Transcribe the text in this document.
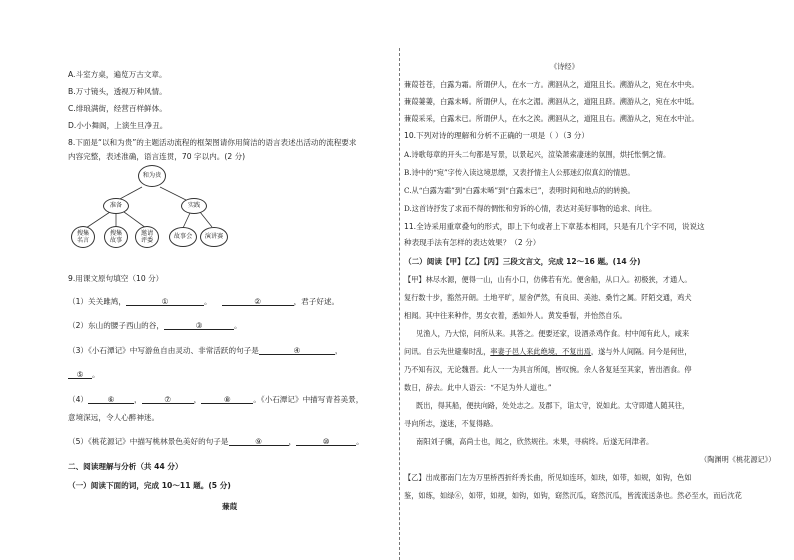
A.斗室方桌，遍览万古文章。
B.万寸镜头，透视万种风情。
C.绯琅满街，经营百样鲜体。
D.小小舞阁，上演生旦净丑。
8.下面是“以和为贵”的主题活动流程的框架图请你用简洁的语言表述出活动的流程要求
内容完整，表述准确，语言连贯，70 字以内。(2 分)
和为贵
准备	实践
搜集
名言
搜集
故事
邀请
评委
故事会	演讲赛
9.用课文原句填空（10 分）
（1）关关雎鸠，	①	。	②	，君子好逑。
（2）东山的腰子西山的谷，	③	。
（3）《小石潭记》中写游鱼自由灵动、非常活跃的句子是	④	，
⑤ 。
（4）	⑥	，	⑦	，	⑧	。《小石潭记》中描写青苔美景，
意境深远，令人心醉神迷。
（5）《桃花源记》中描写桃林景色美好的句子是	⑨	，	⑩	。
二、阅读理解与分析（共 44 分）
（一）阅读下面的词，完成 10～11 题。(5 分)
蒹葭
《诗经》
蒹葭苍苍，白露为霜。所谓伊人，在水一方。溯洄从之，道阻且长。溯游从之，宛在水中央。
蒹葭萋萋，白露未晞。所谓伊人，在水之湄。溯洄从之，道阻且跻。溯游从之，宛在水中坻。
蒹葭采采，白露未已。所谓伊人，在水之涘。溯洄从之，道阻且右。溯游从之，宛在水中沚。
10.下列对诗的理解和分析不正确的一项是（ ）（3 分）
A.诗歌每章的开头二句都是写景，以景起兴，渲染萧索凄迷的氛围，烘托怅惘之情。
B.诗中的“宛”字传入读这境思缥，又表抒情主人公那迷幻似真幻的情思。
C.从“白露为霜”到“白露未晞”到“白露未已”，表明时间和地点的的转换。
D.这首诗抒发了求而不得的惆怅和穷诉的心情，表达对美好事物的追求、向往。
11.全诗采用重章叠句的形式，即上下句或者上下章基本相同，只是有几个字不同，说说这
种表现手法有怎样的表达效果？（2 分）
（二）阅读【甲】【乙】【丙】三段文言文，完成 12～16 题。(14 分)
【甲】林尽水源，便得一山，山有小口，仿佛若有光。便舍船，从口入。初极狭，才通人。
复行数十步，豁然开朗。土地平旷，屋舍俨然，有良田、美池、桑竹之属。阡陌交通，鸡犬
相闻。其中往来种作，男女衣着，悉如外人。黄发垂髫，并怡然自乐。
见渔人，乃大惊，问所从来。具答之。便要还家，设酒杀鸡作食。村中闻有此人，咸来
问讯。自云先世避秦时乱，率妻子邑人来此绝境，不复出焉，遂与外人间隔。问今是何世，
乃不知有汉，无论魏晋。此人一一为具言所闻，皆叹惋。余人各复延至其家，皆出酒食。停
数日，辞去。此中人语云：“不足为外人道也。”
既出，得其船，便扶向路，处处志之。及郡下，诣太守，说如此。太守即遣人随其往，
寻向所志，遂迷，不复得路。
南阳刘子骥，高尚士也，闻之，欣然规往。未果，寻病终。后遂无问津者。
（陶渊明《桃花源记》）
【乙】出成都南门左为万里桥西折纤秀长曲，所见如连环，如玦，如带，如规，如钩，色如
鉴，如练，如绿⑥，如带，如规，如钩，如钩，窈然沉瓜，窈然沉瓜，皆流流送条也。然必至水，而后沈花
